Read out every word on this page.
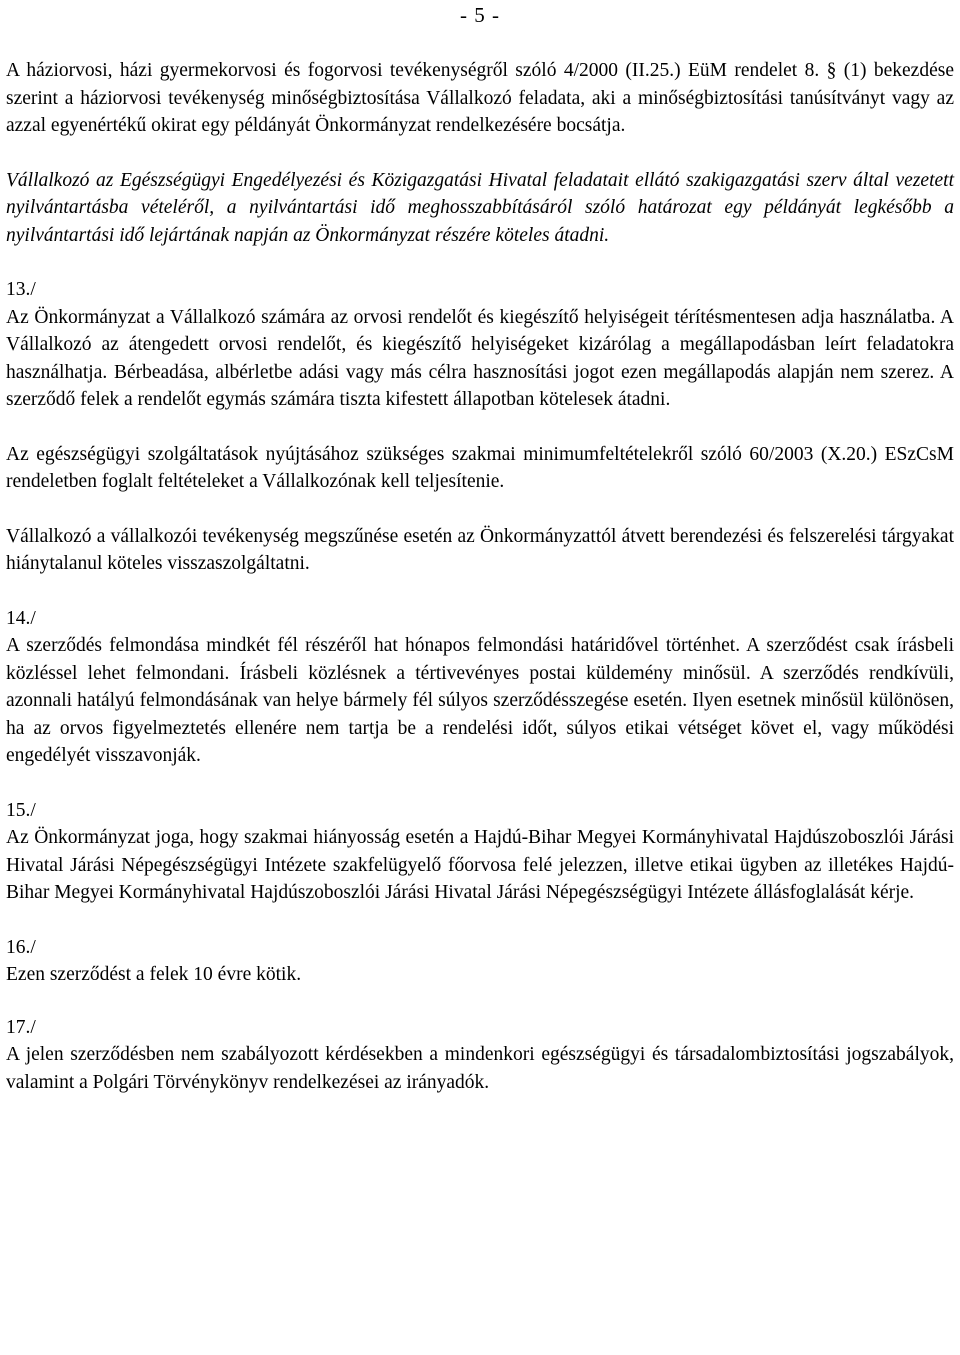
- 5 -

A háziorvosi, házi gyermekorvosi és fogorvosi tevékenységről szóló 4/2000 (II.25.) EüM rendelet 8. § (1) bekezdése szerint a háziorvosi tevékenység minőségbiztosítása Vállalkozó feladata, aki a minőségbiztosítási tanúsítványt vagy az azzal egyenértékű okirat egy példányát Önkormányzat rendelkezésére bocsátja.

Vállalkozó az Egészségügyi Engedélyezési és Közigazgatási Hivatal feladatait ellátó szakigazgatási szerv által vezetett nyilvántartásba vételéről, a nyilvántartási idő meghosszabbításáról szóló határozat egy példányát legkésőbb a nyilvántartási idő lejártának napján az Önkormányzat részére köteles átadni.

13./
Az Önkormányzat a Vállalkozó számára az orvosi rendelőt és kiegészítő helyiségeit térítésmentesen adja használatba. A Vállalkozó az átengedett orvosi rendelőt, és kiegészítő helyiségeket kizárólag a megállapodásban leírt feladatokra használhatja. Bérbeadása, albérletbe adási vagy más célra hasznosítási jogot ezen megállapodás alapján nem szerez. A szerződő felek a rendelőt egymás számára tiszta kifestett állapotban kötelesek átadni.

Az egészségügyi szolgáltatások nyújtásához szükséges szakmai minimumfeltételekről szóló 60/2003 (X.20.) ESzCsM rendeletben foglalt feltételeket a Vállalkozónak kell teljesítenie.

Vállalkozó a vállalkozói tevékenység megszűnése esetén az Önkormányzattól átvett berendezési és felszerelési tárgyakat hiánytalanul köteles visszaszolgáltatni.

14./
A szerződés felmondása mindkét fél részéről hat hónapos felmondási határidővel történhet. A szerződést csak írásbeli közléssel lehet felmondani. Írásbeli közlésnek a tértivevényes postai küldemény minősül. A szerződés rendkívüli, azonnali hatályú felmondásának van helye bármely fél súlyos szerződésszegése esetén. Ilyen esetnek minősül különösen, ha az orvos figyelmeztetés ellenére nem tartja be a rendelési időt, súlyos etikai vétséget követ el, vagy működési engedélyét visszavonják.

15./
Az Önkormányzat joga, hogy szakmai hiányosság esetén a Hajdú-Bihar Megyei Kormányhivatal Hajdúszoboszlói Járási Hivatal Járási Népegészségügyi Intézete szakfelügyelő főorvosa felé jelezzen, illetve etikai ügyben az illetékes Hajdú-Bihar Megyei Kormányhivatal Hajdúszoboszlói Járási Hivatal Járási Népegészségügyi Intézete állásfoglalását kérje.

16./
Ezen szerződést a felek 10 évre kötik.

17./
A jelen szerződésben nem szabályozott kérdésekben a mindenkori egészségügyi és társadalombiztosítási jogszabályok, valamint a Polgári Törvénykönyv rendelkezései az irányadók.
